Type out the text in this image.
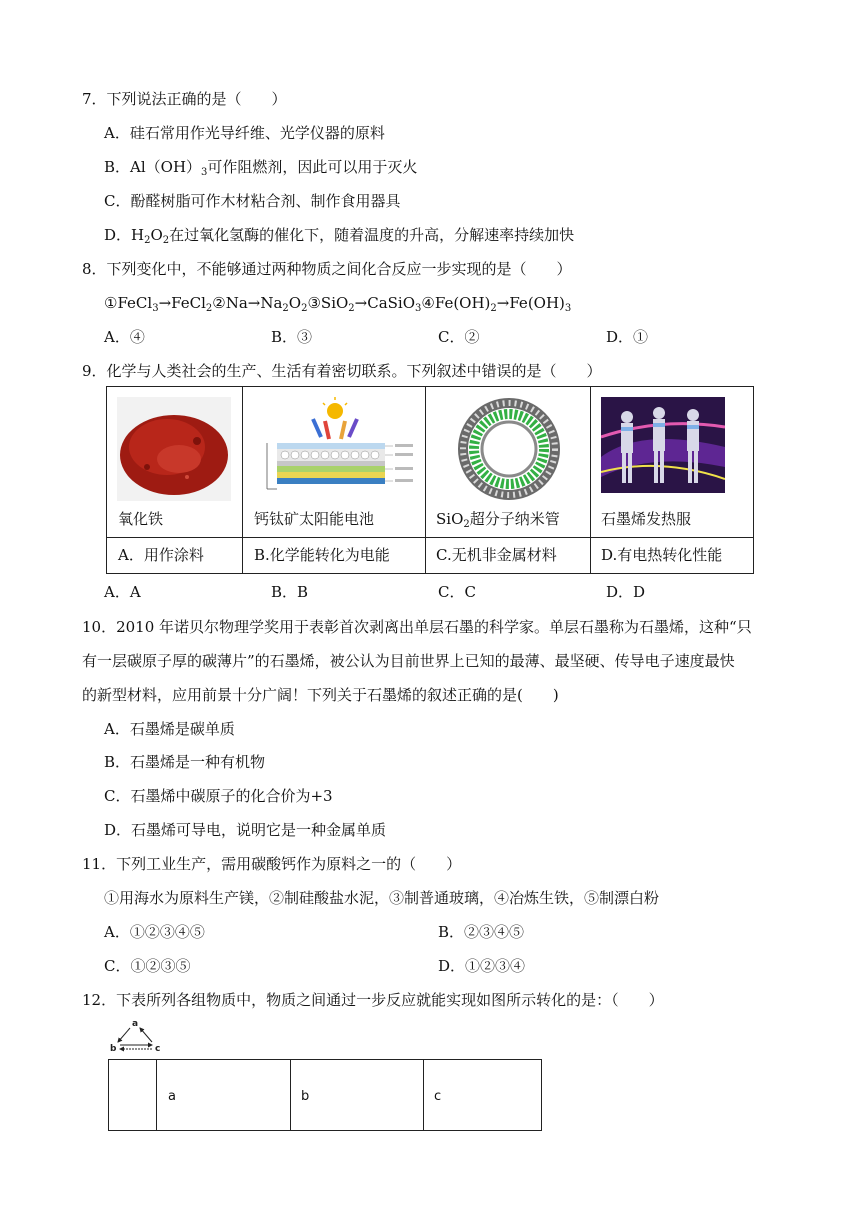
7．下列说法正确的是（　　）
A．硅石常用作光导纤维、光学仪器的原料
B．$Al(OH)_3$可作阻燃剂，因此可以用于灭火
C．酚醛树脂可作木材粘合剂、制作食用器具
D．$H_2O_2$在过氧化氢酶的催化下，随着温度的升高，分解速率持续加快
8．下列变化中，不能够通过两种物质之间化合反应一步实现的是（　　）
$①FeCl_3\to FeCl_2②Na\to Na_2O_2③SiO_2\to CaSiO_3④Fe(OH)_2\to Fe(OH)_3$
A．④	B．③	C．②	D．①
9．化学与人类社会的生产、生活有着密切联系。下列叙述中错误的是（　　）
氧化铁	钙钛矿太阳能电池	SiO$_2$超分子纳米管	石墨烯发热服
A．用作涂料	B.化学能转化为电能	C.无机非金属材料	D.有电热转化性能
A．A	B．B	C．C	D．D
10．2010 年诺贝尔物理学奖用于表彰首次剥离出单层石墨的科学家。单层石墨称为石墨烯，这种“只
有一层碳原子厚的碳薄片”的石墨烯，被公认为目前世界上已知的最薄、最坚硬、传导电子速度最快
的新型材料，应用前景十分广阔！下列关于石墨烯的叙述正确的是(　　)
A．石墨烯是碳单质
B．石墨烯是一种有机物
C．石墨烯中碳原子的化合价为+3
D．石墨烯可导电，说明它是一种金属单质
11．下列工业生产，需用碳酸钙作为原料之一的（　　）
①用海水为原料生产镁，②制硅酸盐水泥，③制普通玻璃，④冶炼生铁，⑤制漂白粉
A．①②③④⑤	B．②③④⑤
C．①②③⑤	D．①②③④
12．下表所列各组物质中，物质之间通过一步反应就能实现如图所示转化的是：（　　）
a
b	c
a	b	c
